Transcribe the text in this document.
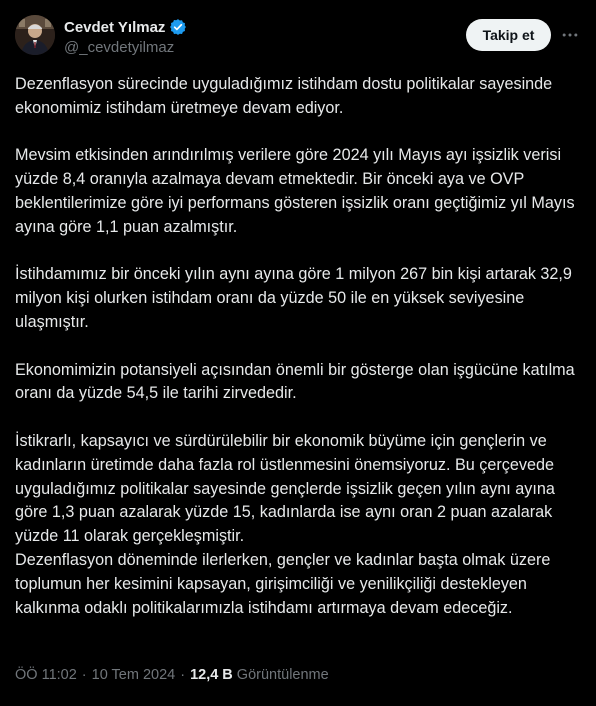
Cevdet Yılmaz
@_cevdetyilmaz
Takip et

Dezenflasyon sürecinde uyguladığımız istihdam dostu politikalar sayesinde ekonomimiz istihdam üretmeye devam ediyor.

Mevsim etkisinden arındırılmış verilere göre 2024 yılı Mayıs ayı işsizlik verisi yüzde 8,4 oranıyla azalmaya devam etmektedir. Bir önceki aya ve OVP beklentilerimize göre iyi performans gösteren işsizlik oranı geçtiğimiz yıl Mayıs ayına göre 1,1 puan azalmıştır.

İstihdamımız bir önceki yılın aynı ayına göre 1 milyon 267 bin kişi artarak 32,9 milyon kişi olurken istihdam oranı da yüzde 50 ile en yüksek seviyesine ulaşmıştır.

Ekonomimizin potansiyeli açısından önemli bir gösterge olan işgücüne katılma oranı da yüzde 54,5 ile tarihi zirvededir.

İstikrarlı, kapsayıcı ve sürdürülebilir bir ekonomik büyüme için gençlerin ve kadınların üretimde daha fazla rol üstlenmesini önemsiyoruz. Bu çerçevede uyguladığımız politikalar sayesinde gençlerde işsizlik geçen yılın aynı ayına göre 1,3 puan azalarak yüzde 15, kadınlarda ise aynı oran 2 puan azalarak yüzde 11 olarak gerçekleşmiştir.

Dezenflasyon döneminde ilerlerken, gençler ve kadınlar başta olmak üzere toplumun her kesimini kapsayan, girişimciliği ve yenilikçiliği destekleyen kalkınma odaklı politikalarımızla istihdamı artırmaya devam edeceğiz.

ÖÖ 11:02 · 10 Tem 2024 · 12,4 B Görüntülenme
